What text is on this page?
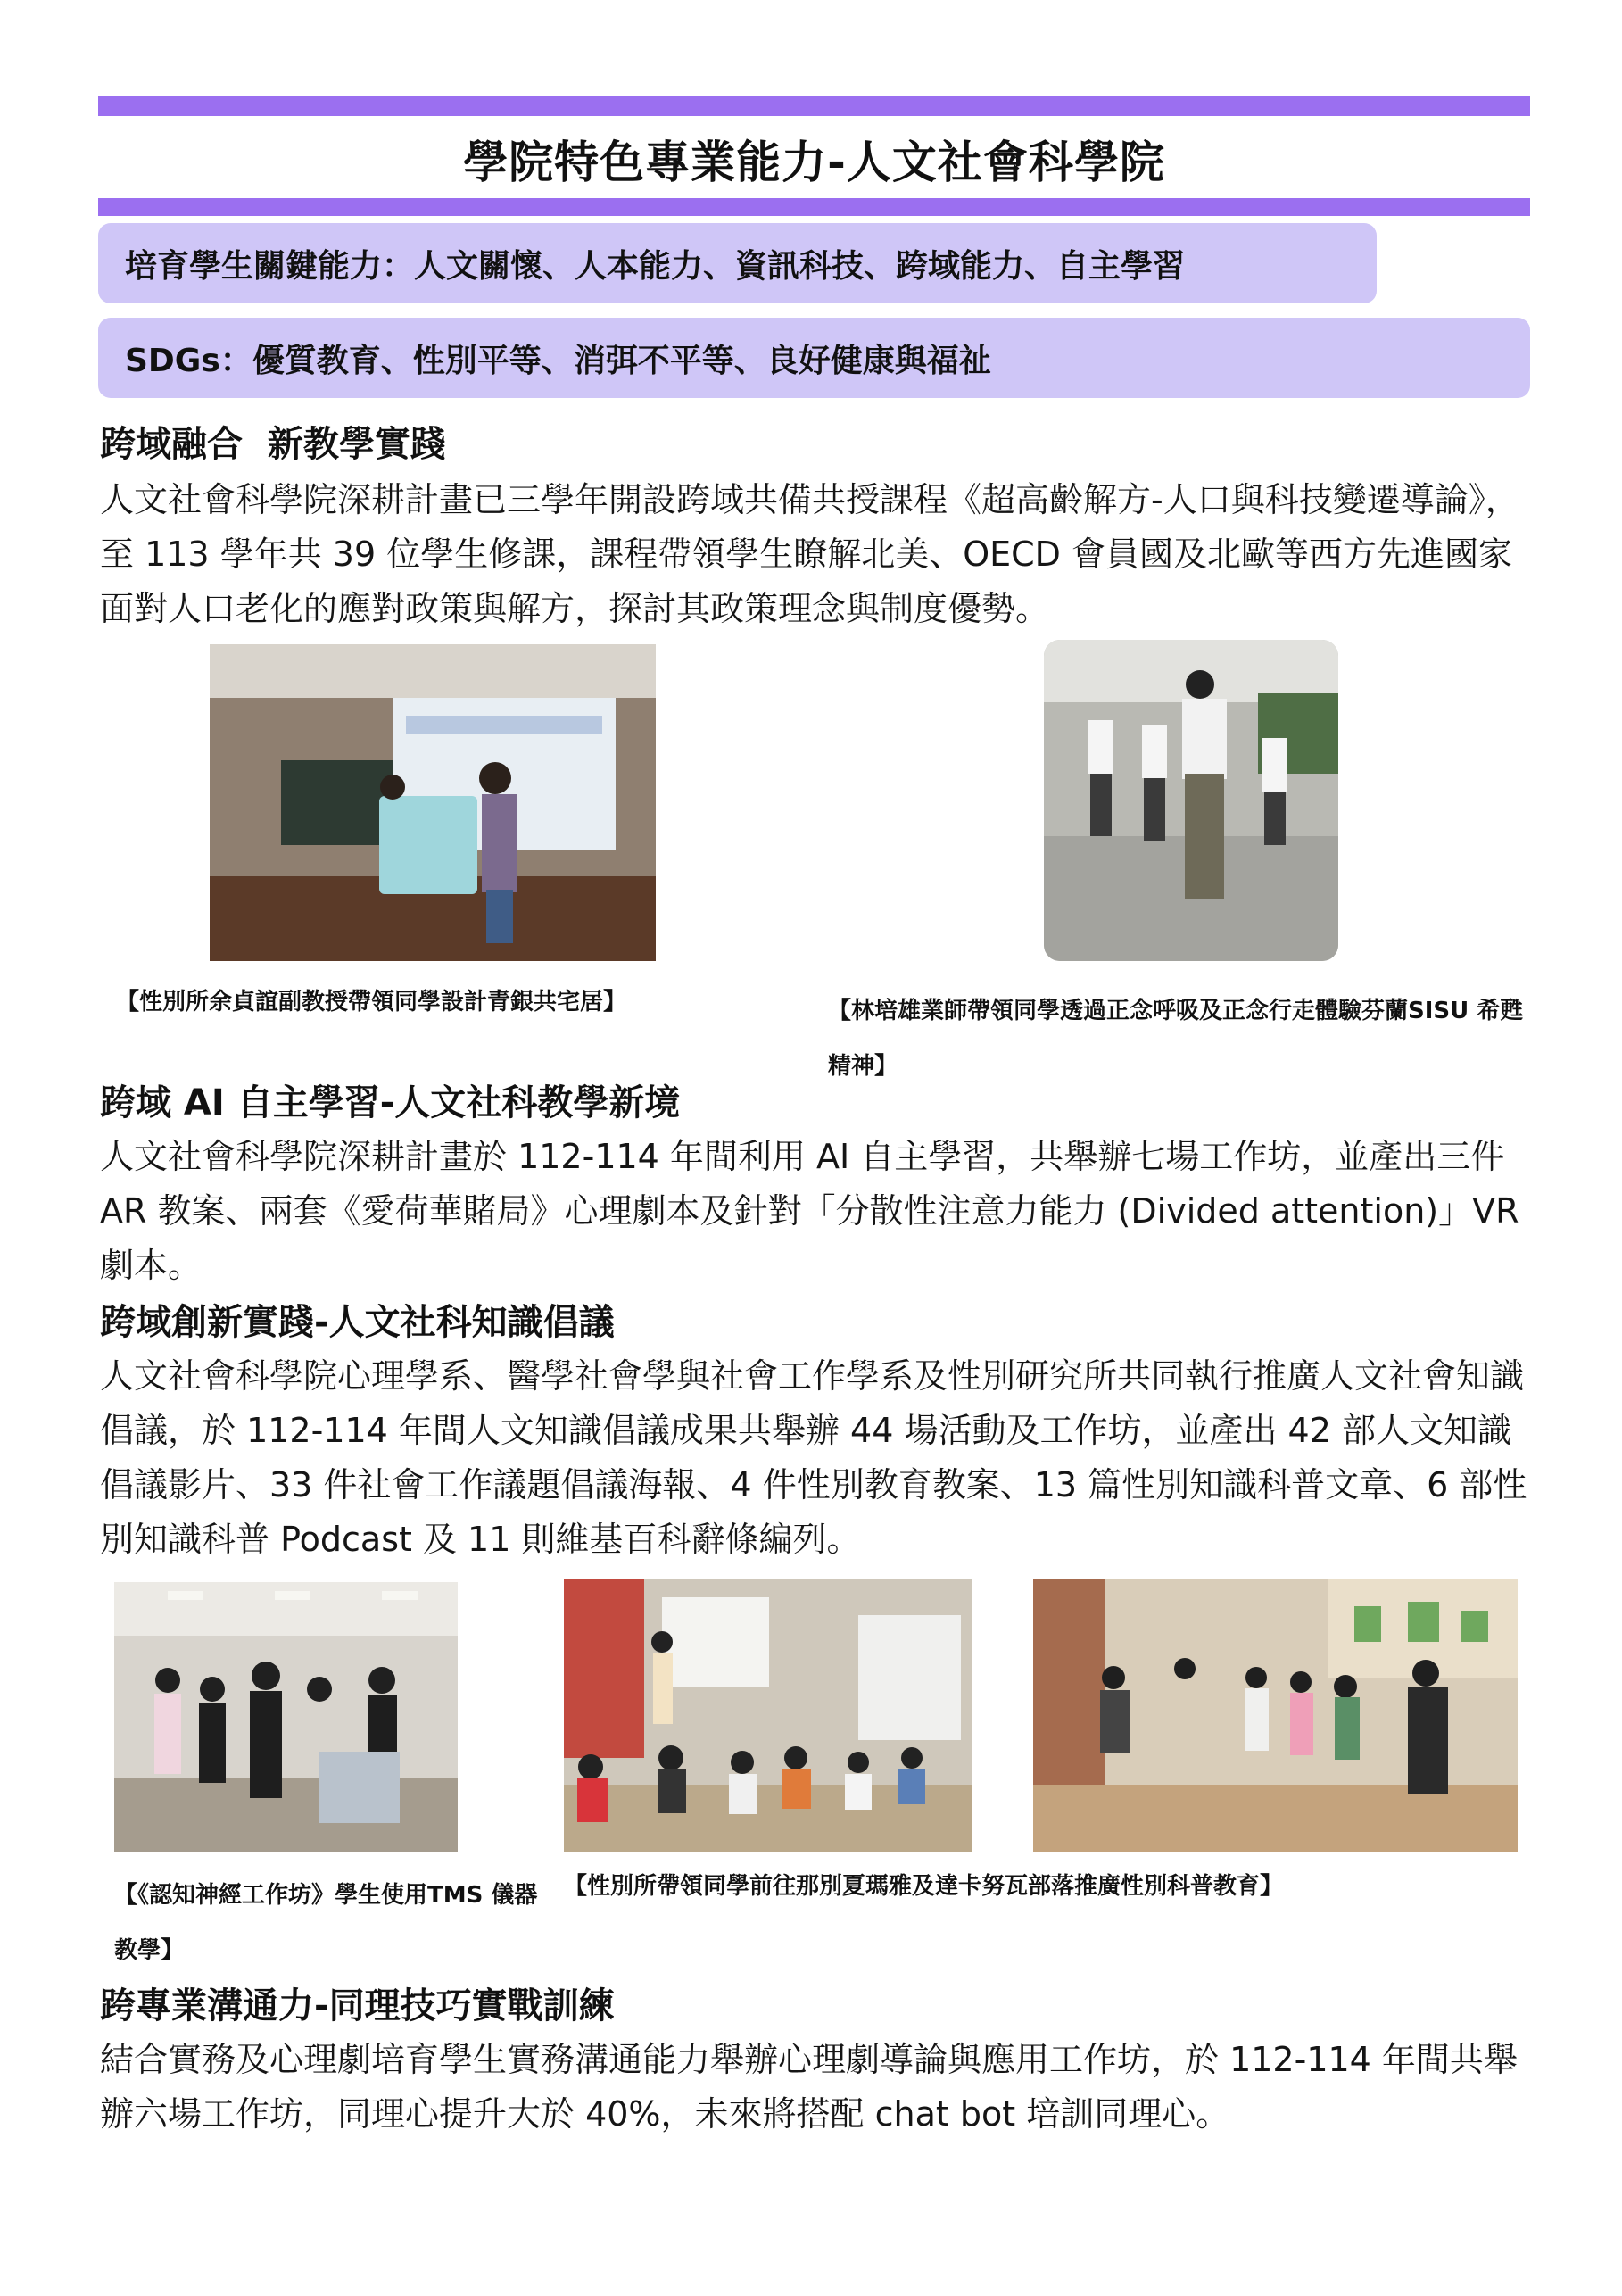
學院特色專業能力-人文社會科學院
培育學生關鍵能力：人文關懷、人本能力、資訊科技、跨域能力、自主學習
SDGs：優質教育、性別平等、消弭不平等、良好健康與福祉
跨域融合  新教學實踐
人文社會科學院深耕計畫已三學年開設跨域共備共授課程《超高齡解方-人口與科技變遷導論》，至 113 學年共 39 位學生修課，課程帶領學生瞭解北美、OECD 會員國及北歐等西方先進國家面對人口老化的應對政策與解方，探討其政策理念與制度優勢。
【性別所余貞誼副教授帶領同學設計青銀共宅居】	【林培雄業師帶領同學透過正念呼吸及正念行走體驗芬蘭SISU 希甦精神】
跨域 AI 自主學習-人文社科教學新境
人文社會科學院深耕計畫於 112-114 年間利用 AI 自主學習，共舉辦七場工作坊，並產出三件 AR 教案、兩套《愛荷華賭局》心理劇本及針對「分散性注意力能力 (Divided attention)」VR 劇本。
跨域創新實踐-人文社科知識倡議
人文社會科學院心理學系、醫學社會學與社會工作學系及性別研究所共同執行推廣人文社會知識倡議，於 112-114 年間人文知識倡議成果共舉辦 44 場活動及工作坊，並產出 42 部人文知識倡議影片、33 件社會工作議題倡議海報、4 件性別教育教案、13 篇性別知識科普文章、6 部性別知識科普 Podcast 及 11 則維基百科辭條編列。
【《認知神經工作坊》學生使用TMS 儀器教學】
【性別所帶領同學前往那別夏瑪雅及達卡努瓦部落推廣性別科普教育】
跨專業溝通力-同理技巧實戰訓練
結合實務及心理劇培育學生實務溝通能力舉辦心理劇導論與應用工作坊，於 112-114 年間共舉辦六場工作坊，同理心提升大於 40%，未來將搭配 chat bot 培訓同理心。
